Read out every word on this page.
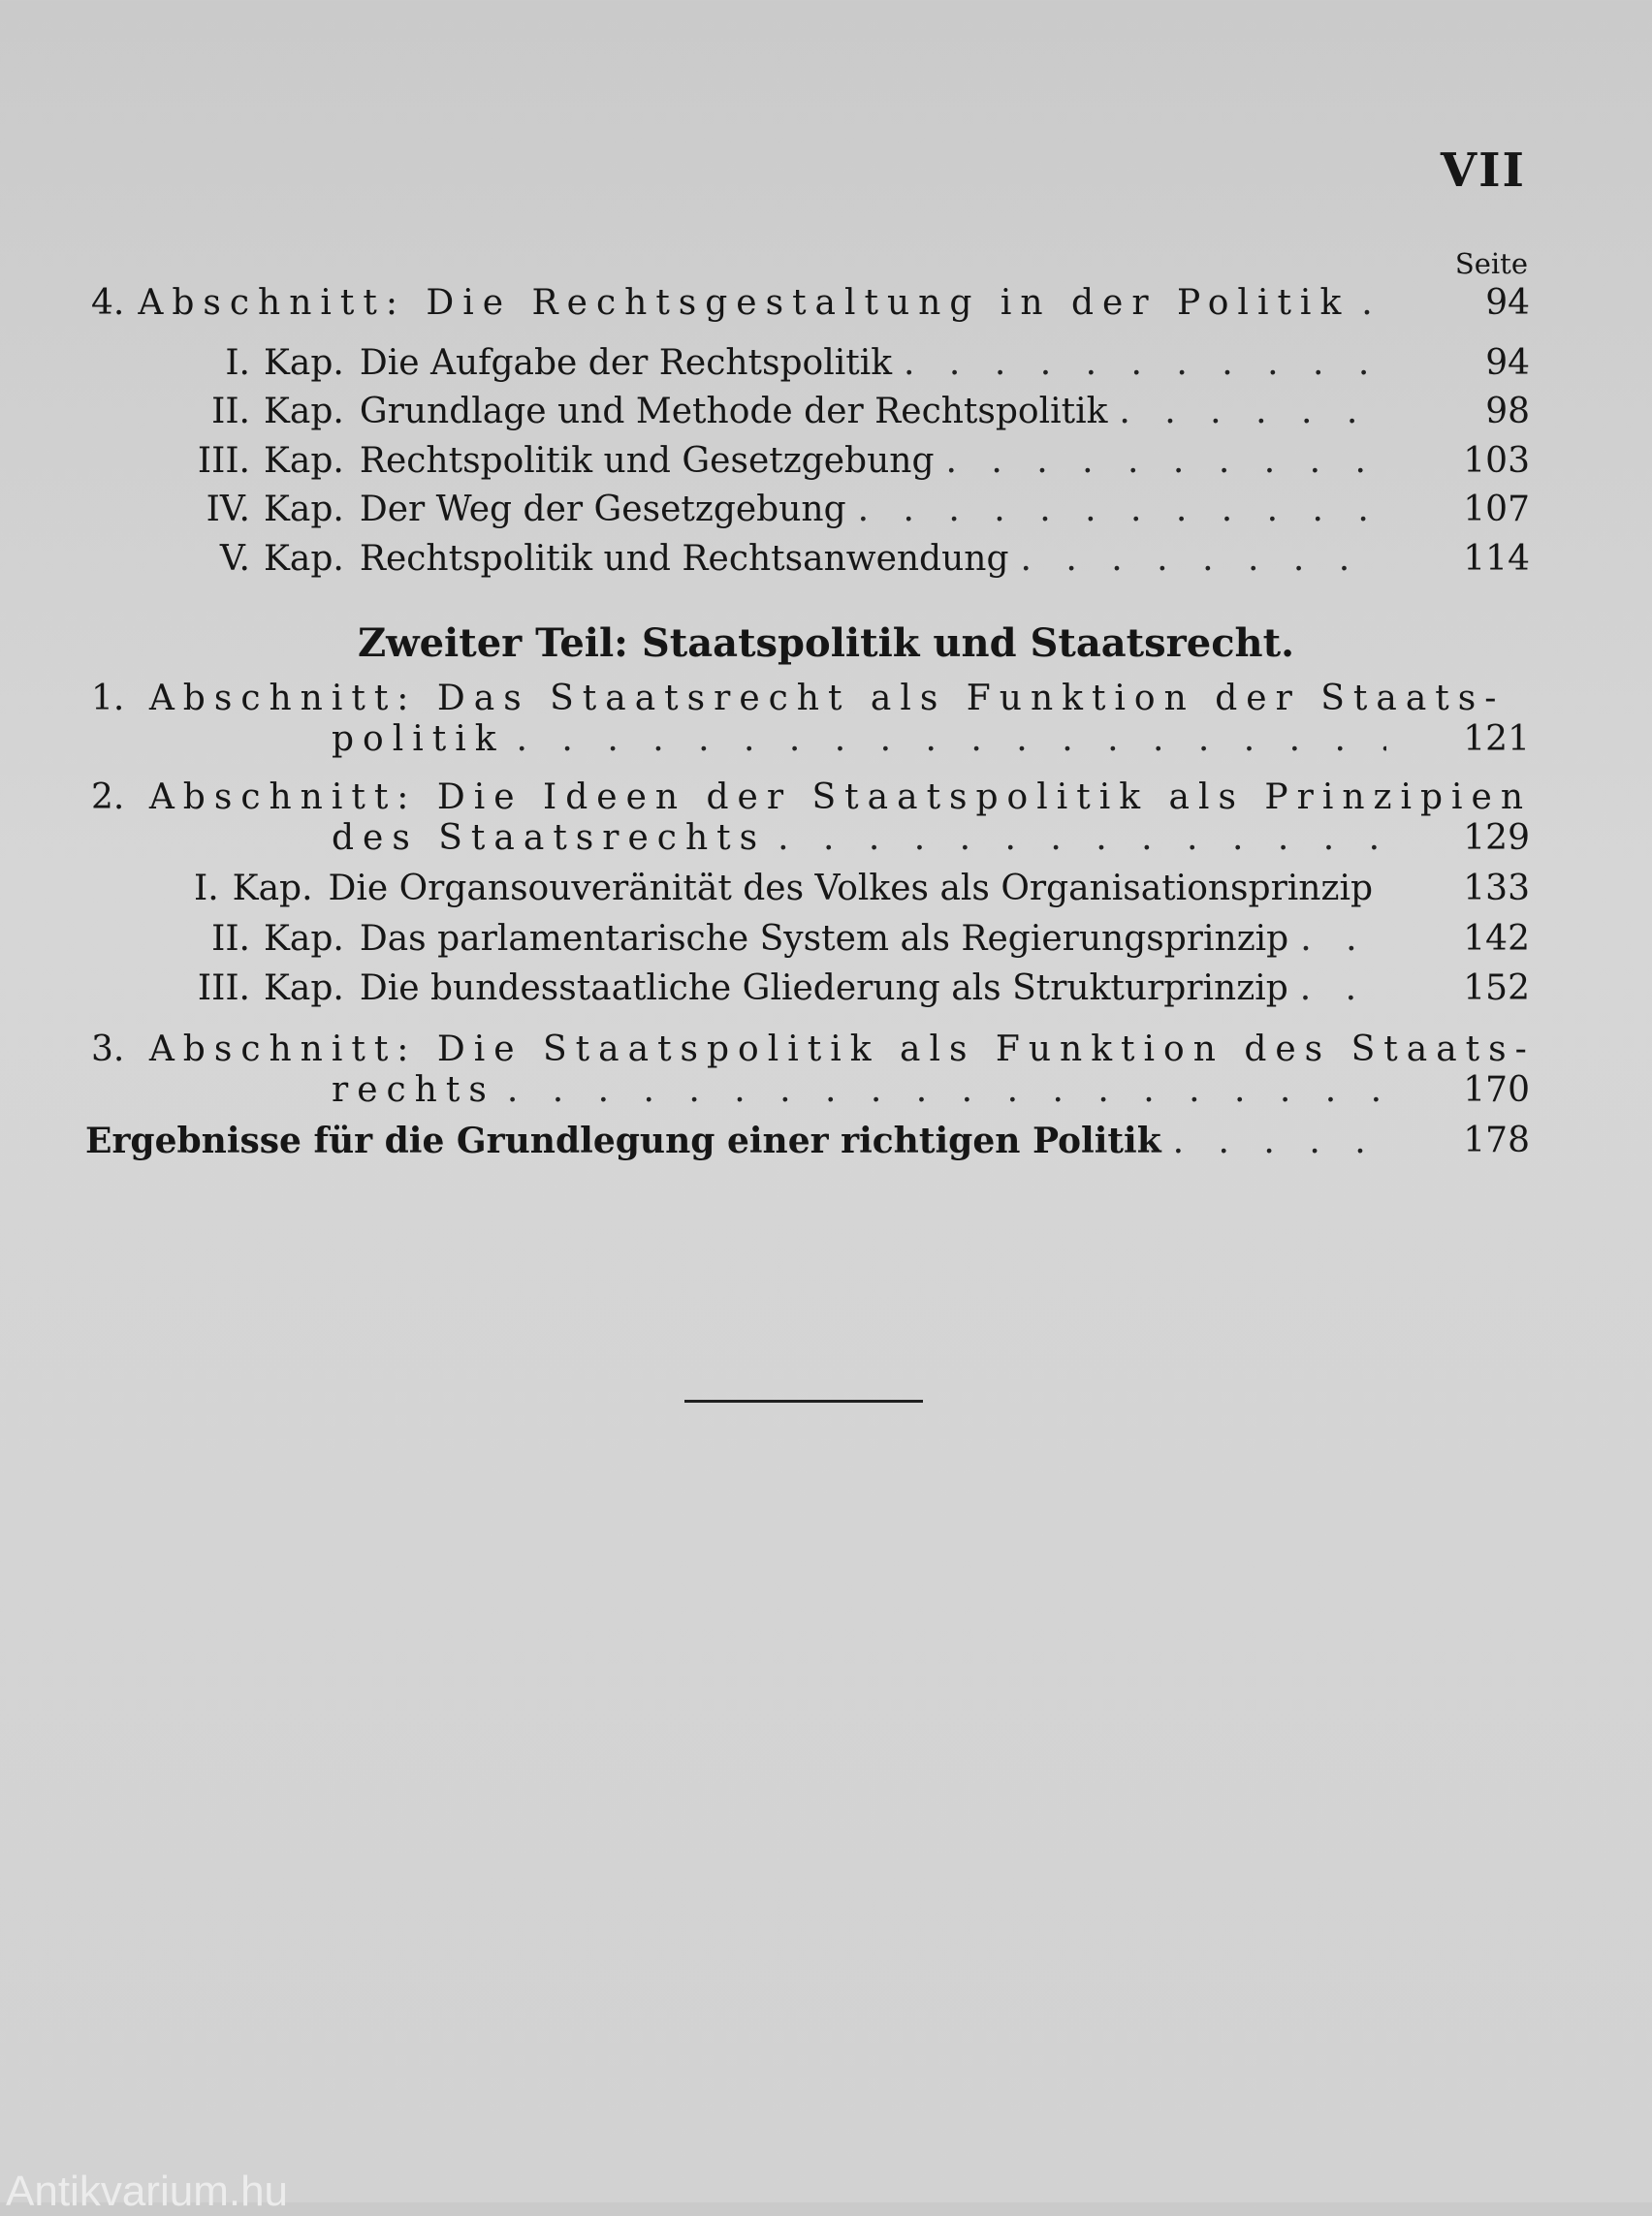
VII
Seite
4. Abschnitt: Die Rechtsgestaltung in der Politik . . .	94
I. Kap. Die Aufgabe der Rechtspolitik . . .	94
II. Kap. Grundlage und Methode der Rechtspolitik . . .	98
III. Kap. Rechtspolitik und Gesetzgebung . . .	103
IV. Kap. Der Weg der Gesetzgebung . . .	107
V. Kap. Rechtspolitik und Rechtsanwendung . . .	114
Zweiter Teil: Staatspolitik und Staatsrecht.
1. Abschnitt: Das Staatsrecht als Funktion der Staats-
politik . . .	121
2. Abschnitt: Die Ideen der Staatspolitik als Prinzipien
des Staatsrechts . . .	129
I. Kap. Die Organsouveränität des Volkes als Organisationsprinzip	133
II. Kap. Das parlamentarische System als Regierungsprinzip . . .	142
III. Kap. Die bundesstaatliche Gliederung als Strukturprinzip . . .	152
3. Abschnitt: Die Staatspolitik als Funktion des Staats-
rechts . . .	170
Ergebnisse für die Grundlegung einer richtigen Politik . . .	178
Antikvarium.hu
